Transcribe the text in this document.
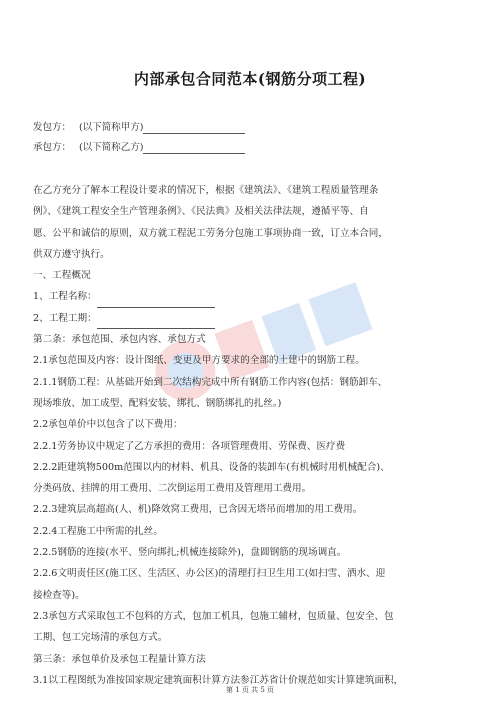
内部承包合同范本(钢筋分项工程)
发包方： (以下简称甲方)
承包方： (以下简称乙方)

在乙方充分了解本工程设计要求的情况下，根据《建筑法》、《建筑工程质量管理条

例》、《建筑工程安全生产管理条例》、《民法典》及相关法律法规，遵循平等、自

愿、公平和诚信的原则，双方就工程泥工劳务分包施工事项协商一致，订立本合同，

供双方遵守执行。

一、工程概况

1、工程名称：

2、工程工期：

第二条：承包范围、承包内容、承包方式

2.1承包范围及内容：设计图纸、变更及甲方要求的全部的土建中的钢筋工程。

2.1.1钢筋工程：从基础开始到二次结构完成中所有钢筋工作内容(包括：钢筋卸车、

现场堆放、加工成型、配料安装、绑扎、钢筋绑扎的扎丝。)

2.2承包单价中以包含了以下费用：

2.2.1劳务协议中规定了乙方承担的费用：各项管理费用、劳保费、医疗费

2.2.2距建筑物500m范围以内的材料、机具、设备的装卸车(有机械时用机械配合)、

分类码放、挂牌的用工费用、二次倒运用工费用及管理用工费用。

2.2.3建筑层高超高(人、机)降效窝工费用，已含因无塔吊而增加的用工费用。

2.2.4工程施工中所需的扎丝。

2.2.5钢筋的连接(水平、竖向绑扎;机械连接除外)，盘圆钢筋的现场调直。

2.2.6文明责任区(施工区、生活区、办公区)的清理打扫卫生用工(如扫雪、洒水、迎

接检查等)。

2.3承包方式采取包工不包料的方式，包加工机具，包施工辅材，包质量、包安全、包

工期、包工完场清的承包方式。

第三条：承包单价及承包工程量计算方法

3.1以工程图纸为准按国家规定建筑面积计算方法参江苏省计价规范如实计算建筑面积，

第 1 页 共 5 页
